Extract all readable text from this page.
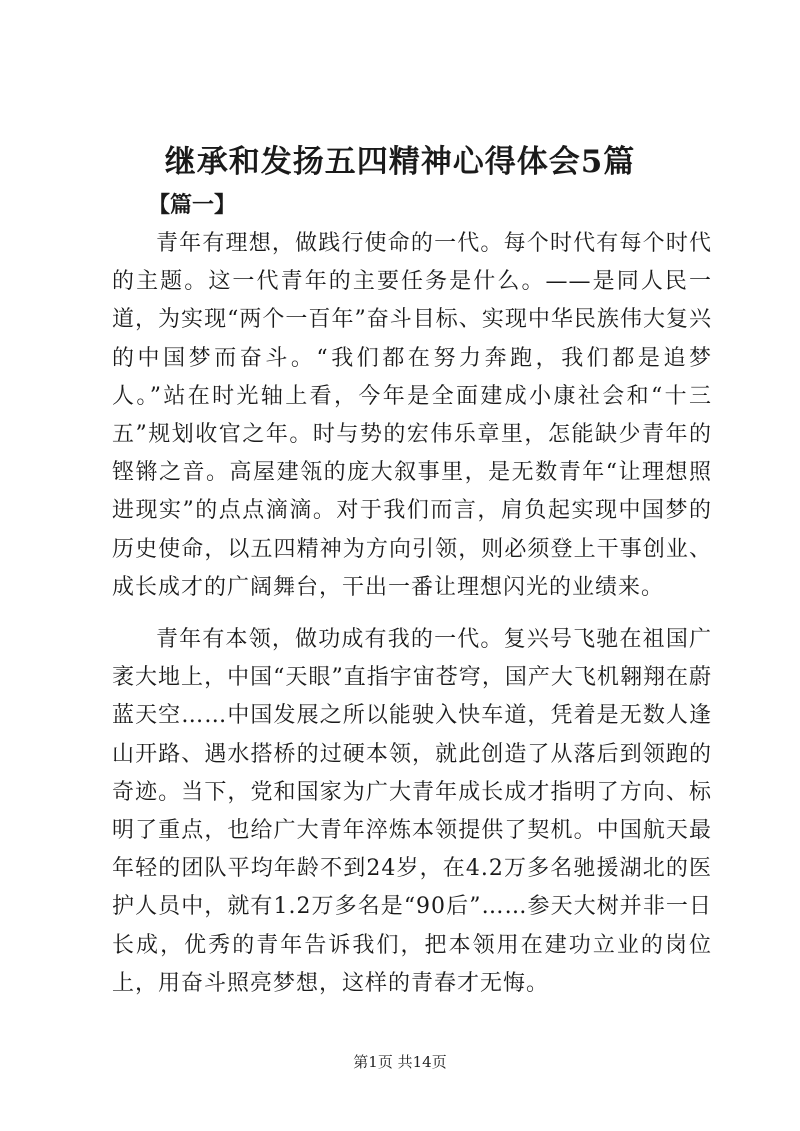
继承和发扬五四精神心得体会5篇
【篇一】

青年有理想，做践行使命的一代。每个时代有每个时代的主题。这一代青年的主要任务是什么。——是同人民一道，为实现“两个一百年”奋斗目标、实现中华民族伟大复兴的中国梦而奋斗。“我们都在努力奔跑，我们都是追梦人。”站在时光轴上看，今年是全面建成小康社会和“十三五”规划收官之年。时与势的宏伟乐章里，怎能缺少青年的铿锵之音。高屋建瓴的庞大叙事里，是无数青年“让理想照进现实”的点点滴滴。对于我们而言，肩负起实现中国梦的历史使命，以五四精神为方向引领，则必须登上干事创业、成长成才的广阔舞台，干出一番让理想闪光的业绩来。

青年有本领，做功成有我的一代。复兴号飞驰在祖国广袤大地上，中国“天眼”直指宇宙苍穹，国产大飞机翱翔在蔚蓝天空……中国发展之所以能驶入快车道，凭着是无数人逢山开路、遇水搭桥的过硬本领，就此创造了从落后到领跑的奇迹。当下，党和国家为广大青年成长成才指明了方向、标明了重点，也给广大青年淬炼本领提供了契机。中国航天最年轻的团队平均年龄不到24岁，在4.2万多名驰援湖北的医护人员中，就有1.2万多名是“90后”……参天大树并非一日长成，优秀的青年告诉我们，把本领用在建功立业的岗位上，用奋斗照亮梦想，这样的青春才无悔。

第1页 共14页
